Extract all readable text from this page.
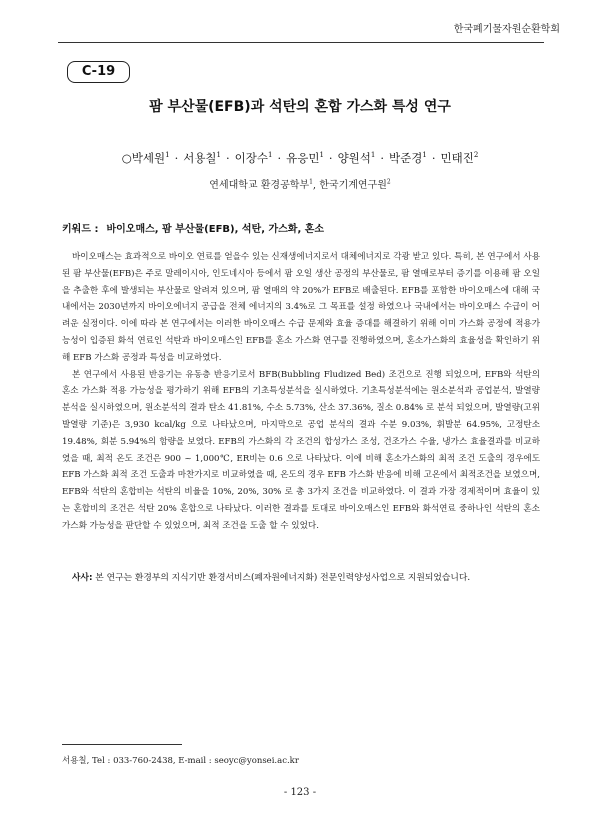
한국폐기물자원순환학회
C-19
팜 부산물(EFB)과 석탄의 혼합 가스화 특성 연구
○박세원$^1$ · 서용칠$^1$ · 이장수$^1$ · 유응민$^1$ · 양원석$^1$ · 박준경$^1$ · 민태진$^2$
연세대학교 환경공학부$^1$, 한국기계연구원$^2$
키워드 : 바이오매스, 팜 부산물(EFB), 석탄, 가스화, 혼소

바이오매스는 효과적으로 바이오 연료를 얻을수 있는 신재생에너지로서 대체에너지로 각광 받고 있다. 특히, 본 연구에서 사용된 팜 부산물(EFB)은 주로 말레이시아, 인도네시아 등에서 팜 오일 생산 공정의 부산물로, 팜 열매로부터 증기를 이용해 팜 오일을 추출한 후에 발생되는 부산물로 알려져 있으며, 팜 열매의 약 20%가 EFB로 배출된다. EFB를 포함한 바이오매스에 대해 국내에서는 2030년까지 바이오에너지 공급을 전체 에너지의 3.4%로 그 목표를 설정 하였으나 국내에서는 바이오매스 수급이 어려운 실정이다. 이에 따라 본 연구에서는 이러한 바이오매스 수급 문제와 효율 증대를 해결하기 위해 이미 가스화 공정에 적용가능성이 입증된 화석 연료인 석탄과 바이오매스인 EFB를 혼소 가스화 연구를 진행하였으며, 혼소가스화의 효율성을 확인하기 위해 EFB 가스화 공정과 특성을 비교하였다.

본 연구에서 사용된 반응기는 유동층 반응기로서 BFB(Bubbling Fludized Bed) 조건으로 진행 되었으며, EFB와 석탄의 혼소 가스화 적용 가능성을 평가하기 위해 EFB의 기초특성분석을 실시하였다. 기초특성분석에는 원소분석과 공업분석, 발열량 분석을 실시하였으며, 원소분석의 결과 탄소 41.81%, 수소 5.73%, 산소 37.36%, 질소 0.84% 로 분석 되었으며, 발열량(고위발열량 기준)은 3,930 kcal/kg 으로 나타났으며, 마지막으로 공업 분석의 결과 수분 9.03%, 휘발분 64.95%, 고정탄소 19.48%, 회분 5.94%의 함량을 보였다. EFB의 가스화의 각 조건의 합성가스 조성, 건조가스 수율, 냉가스 효율결과를 비교하였을 때, 최적 온도 조건은 900 ~ 1,000℃, ER비는 0.6 으로 나타났다. 이에 비해 혼소가스화의 최적 조건 도출의 경우에도 EFB 가스화 최적 조건 도출과 마찬가지로 비교하였을 때, 온도의 경우 EFB 가스화 반응에 비해 고온에서 최적조건을 보였으며, EFB와 석탄의 혼합비는 석탄의 비율을 10%, 20%, 30% 로 총 3가지 조건을 비교하였다. 이 결과 가장 경제적이며 효율이 있는 혼합비의 조건은 석탄 20% 혼합으로 나타났다. 이러한 결과를 토대로 바이오매스인 EFB와 화석연료 중하나인 석탄의 혼소 가스화 가능성을 판단할 수 있었으며, 최적 조건을 도출 할 수 있었다.

사사: 본 연구는 환경부의 지식기반 환경서비스(폐자원에너지화) 전문인력양성사업으로 지원되었습니다.
서용칠, Tel : 033-760-2438, E-mail : seoyc@yonsei.ac.kr
- 123 -
